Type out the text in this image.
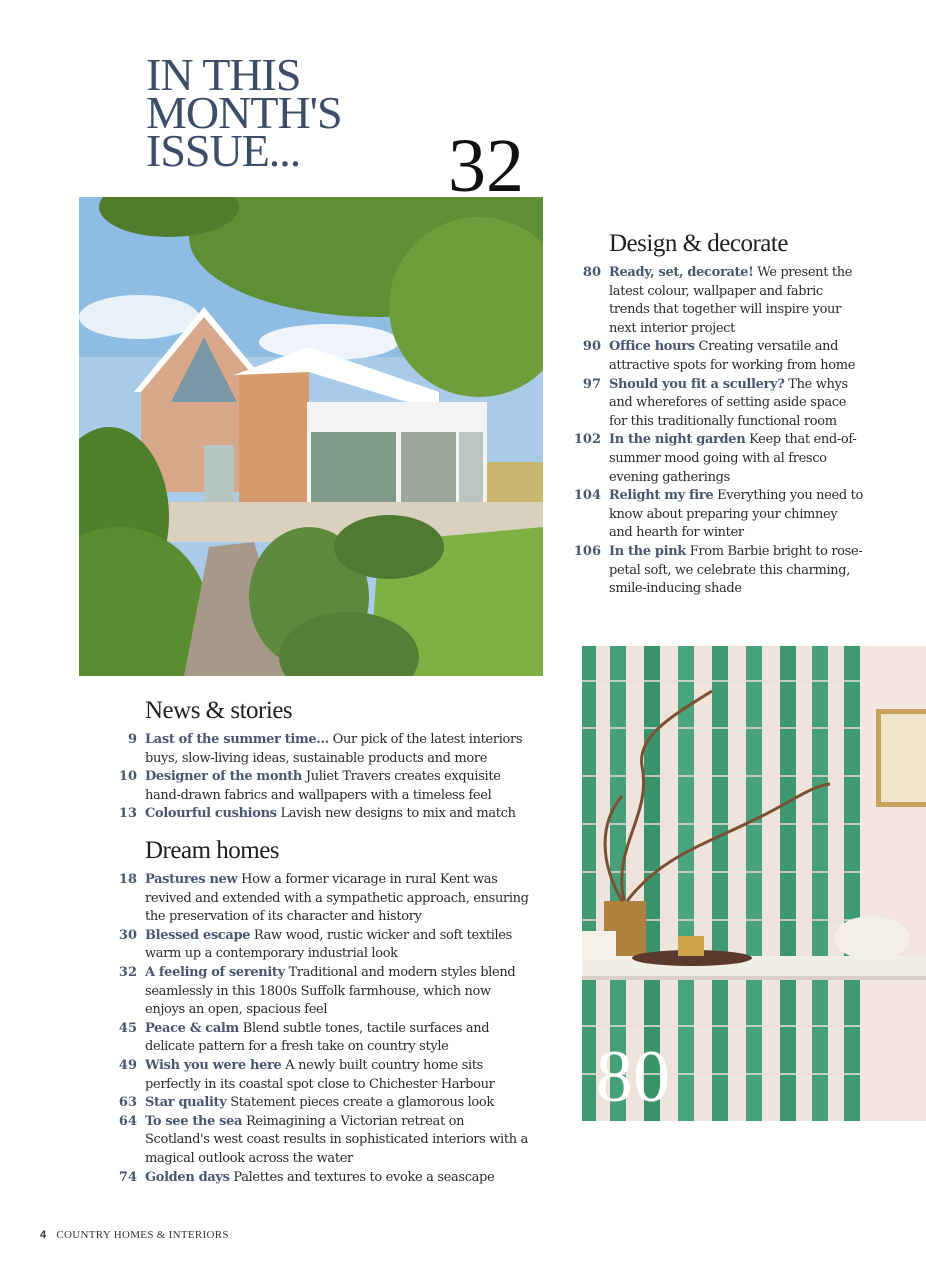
IN THIS
MONTH'S
ISSUE...	32
80
Design & decorate
80 Ready, set, decorate! We present the latest colour, wallpaper and fabric trends that together will inspire your next interior project
90 Office hours Creating versatile and attractive spots for working from home
97 Should you fit a scullery? The whys and wherefores of setting aside space for this traditionally functional room
102 In the night garden Keep that end-of-summer mood going with al fresco evening gatherings
104 Relight my fire Everything you need to know about preparing your chimney and hearth for winter
106 In the pink From Barbie bright to rose-petal soft, we celebrate this charming, smile-inducing shade
News & stories
9 Last of the summer time... Our pick of the latest interiors buys, slow-living ideas, sustainable products and more
10 Designer of the month Juliet Travers creates exquisite hand-drawn fabrics and wallpapers with a timeless feel
13 Colourful cushions Lavish new designs to mix and match
Dream homes
18 Pastures new How a former vicarage in rural Kent was revived and extended with a sympathetic approach, ensuring the preservation of its character and history
30 Blessed escape Raw wood, rustic wicker and soft textiles warm up a contemporary industrial look
32 A feeling of serenity Traditional and modern styles blend seamlessly in this 1800s Suffolk farmhouse, which now enjoys an open, spacious feel
45 Peace & calm Blend subtle tones, tactile surfaces and delicate pattern for a fresh take on country style
49 Wish you were here A newly built country home sits perfectly in its coastal spot close to Chichester Harbour
63 Star quality Statement pieces create a glamorous look
64 To see the sea Reimagining a Victorian retreat on Scotland's west coast results in sophisticated interiors with a magical outlook across the water
74 Golden days Palettes and textures to evoke a seascape
4 COUNTRY HOMES & INTERIORS
